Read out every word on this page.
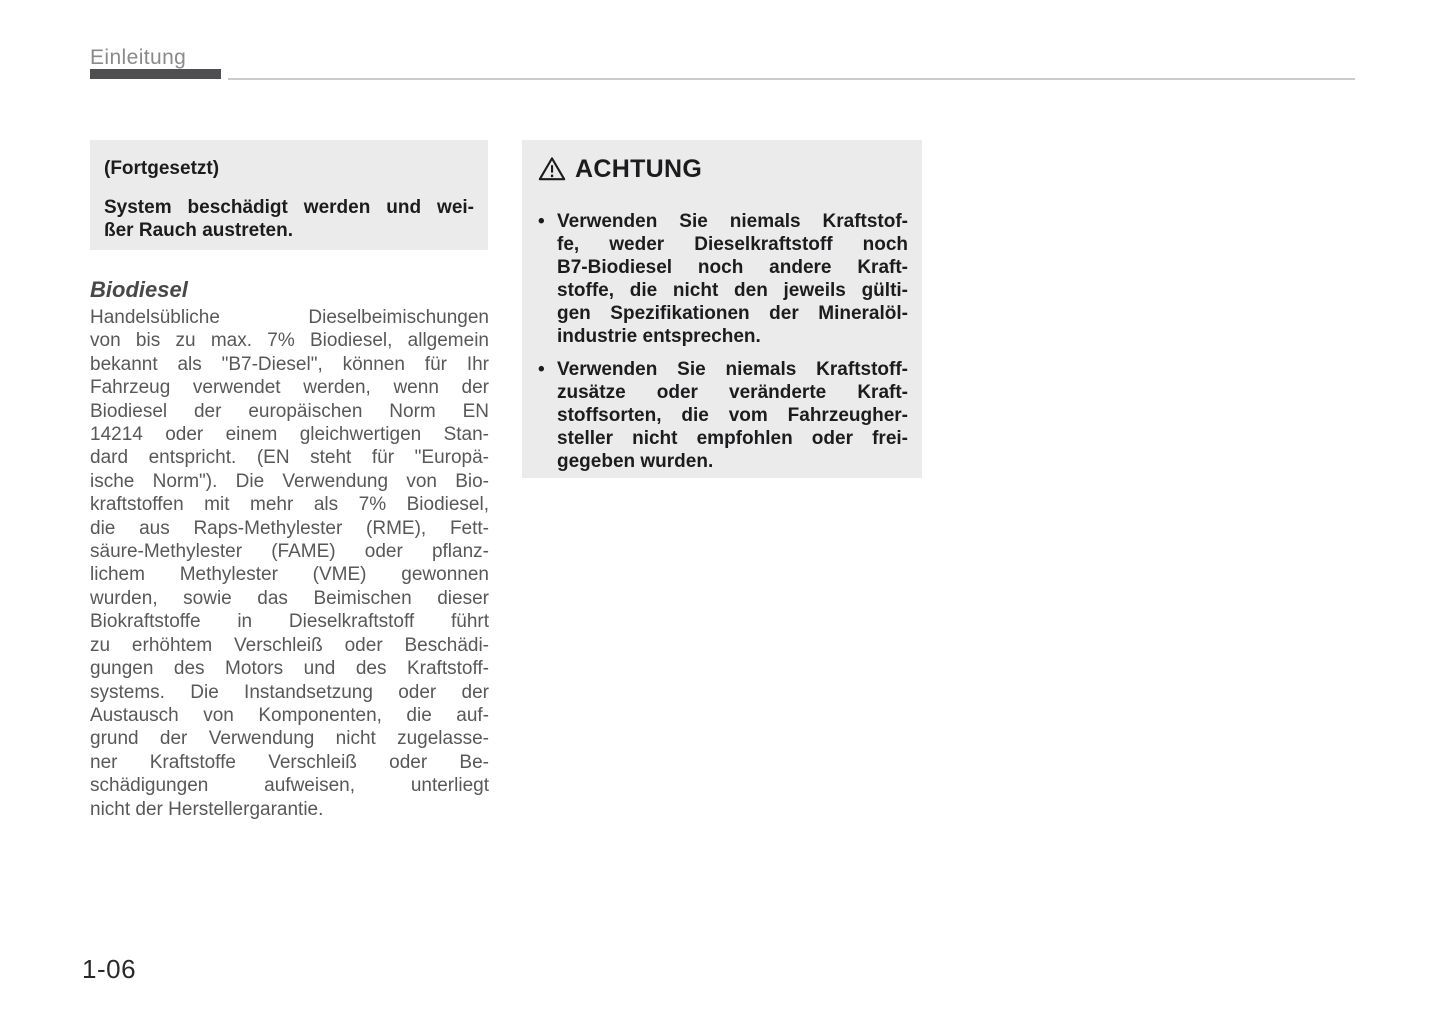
Einleitung
(Fortgesetzt)
System beschädigt werden und wei-
ßer Rauch austreten.
Biodiesel
Handelsübliche Dieselbeimischungen
von bis zu max. 7% Biodiesel, allgemein
bekannt als "B7-Diesel", können für Ihr
Fahrzeug verwendet werden, wenn der
Biodiesel der europäischen Norm EN
14214 oder einem gleichwertigen Stan-
dard entspricht. (EN steht für "Europä-
ische Norm"). Die Verwendung von Bio-
kraftstoffen mit mehr als 7% Biodiesel,
die aus Raps-Methylester (RME), Fett-
säure-Methylester (FAME) oder pflanz-
lichem Methylester (VME) gewonnen
wurden, sowie das Beimischen dieser
Biokraftstoffe in Dieselkraftstoff führt
zu erhöhtem Verschleiß oder Beschädi-
gungen des Motors und des Kraftstoff-
systems. Die Instandsetzung oder der
Austausch von Komponenten, die auf-
grund der Verwendung nicht zugelasse-
ner Kraftstoffe Verschleiß oder Be-
schädigungen aufweisen, unterliegt
nicht der Herstellergarantie.
ACHTUNG
• Verwenden Sie niemals Kraftstof-
fe, weder Dieselkraftstoff noch
B7-Biodiesel noch andere Kraft-
stoffe, die nicht den jeweils gülti-
gen Spezifikationen der Mineralöl-
industrie entsprechen.
• Verwenden Sie niemals Kraftstoff-
zusätze oder veränderte Kraft-
stoffsorten, die vom Fahrzeugher-
steller nicht empfohlen oder frei-
gegeben wurden.
1-06
